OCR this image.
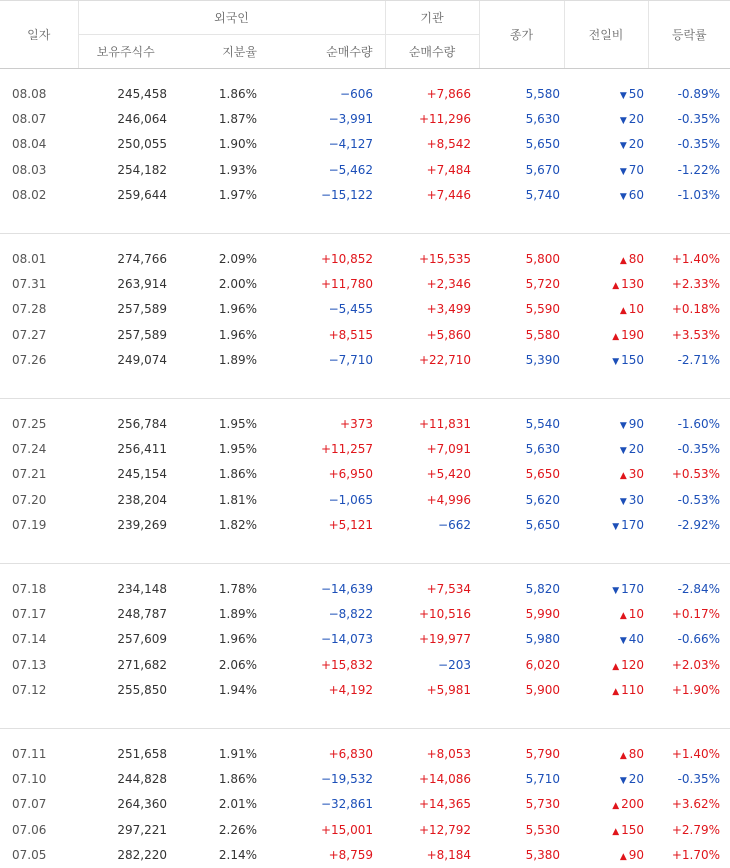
일자	외국인			기관	종가	전일비	등락률
	보유주식수	지분율	순매수량	순매수량			

08.08	245,458	1.86%	−606	+7,866	5,580	▼ 50	-0.89%
08.07	246,064	1.87%	−3,991	+11,296	5,630	▼ 20	-0.35%
08.04	250,055	1.90%	−4,127	+8,542	5,650	▼ 20	-0.35%
08.03	254,182	1.93%	−5,462	+7,484	5,670	▼ 70	-1.22%
08.02	259,644	1.97%	−15,122	+7,446	5,740	▼ 60	-1.03%

08.01	274,766	2.09%	+10,852	+15,535	5,800	▲ 80	+1.40%
07.31	263,914	2.00%	+11,780	+2,346	5,720	▲ 130	+2.33%
07.28	257,589	1.96%	−5,455	+3,499	5,590	▲ 10	+0.18%
07.27	257,589	1.96%	+8,515	+5,860	5,580	▲ 190	+3.53%
07.26	249,074	1.89%	−7,710	+22,710	5,390	▼ 150	-2.71%

07.25	256,784	1.95%	+373	+11,831	5,540	▼ 90	-1.60%
07.24	256,411	1.95%	+11,257	+7,091	5,630	▼ 20	-0.35%
07.21	245,154	1.86%	+6,950	+5,420	5,650	▲ 30	+0.53%
07.20	238,204	1.81%	−1,065	+4,996	5,620	▼ 30	-0.53%
07.19	239,269	1.82%	+5,121	−662	5,650	▼ 170	-2.92%

07.18	234,148	1.78%	−14,639	+7,534	5,820	▼ 170	-2.84%
07.17	248,787	1.89%	−8,822	+10,516	5,990	▲ 10	+0.17%
07.14	257,609	1.96%	−14,073	+19,977	5,980	▼ 40	-0.66%
07.13	271,682	2.06%	+15,832	−203	6,020	▲ 120	+2.03%
07.12	255,850	1.94%	+4,192	+5,981	5,900	▲ 110	+1.90%

07.11	251,658	1.91%	+6,830	+8,053	5,790	▲ 80	+1.40%
07.10	244,828	1.86%	−19,532	+14,086	5,710	▼ 20	-0.35%
07.07	264,360	2.01%	−32,861	+14,365	5,730	▲ 200	+3.62%
07.06	297,221	2.26%	+15,001	+12,792	5,530	▲ 150	+2.79%
07.05	282,220	2.14%	+8,759	+8,184	5,380	▲ 90	+1.70%
